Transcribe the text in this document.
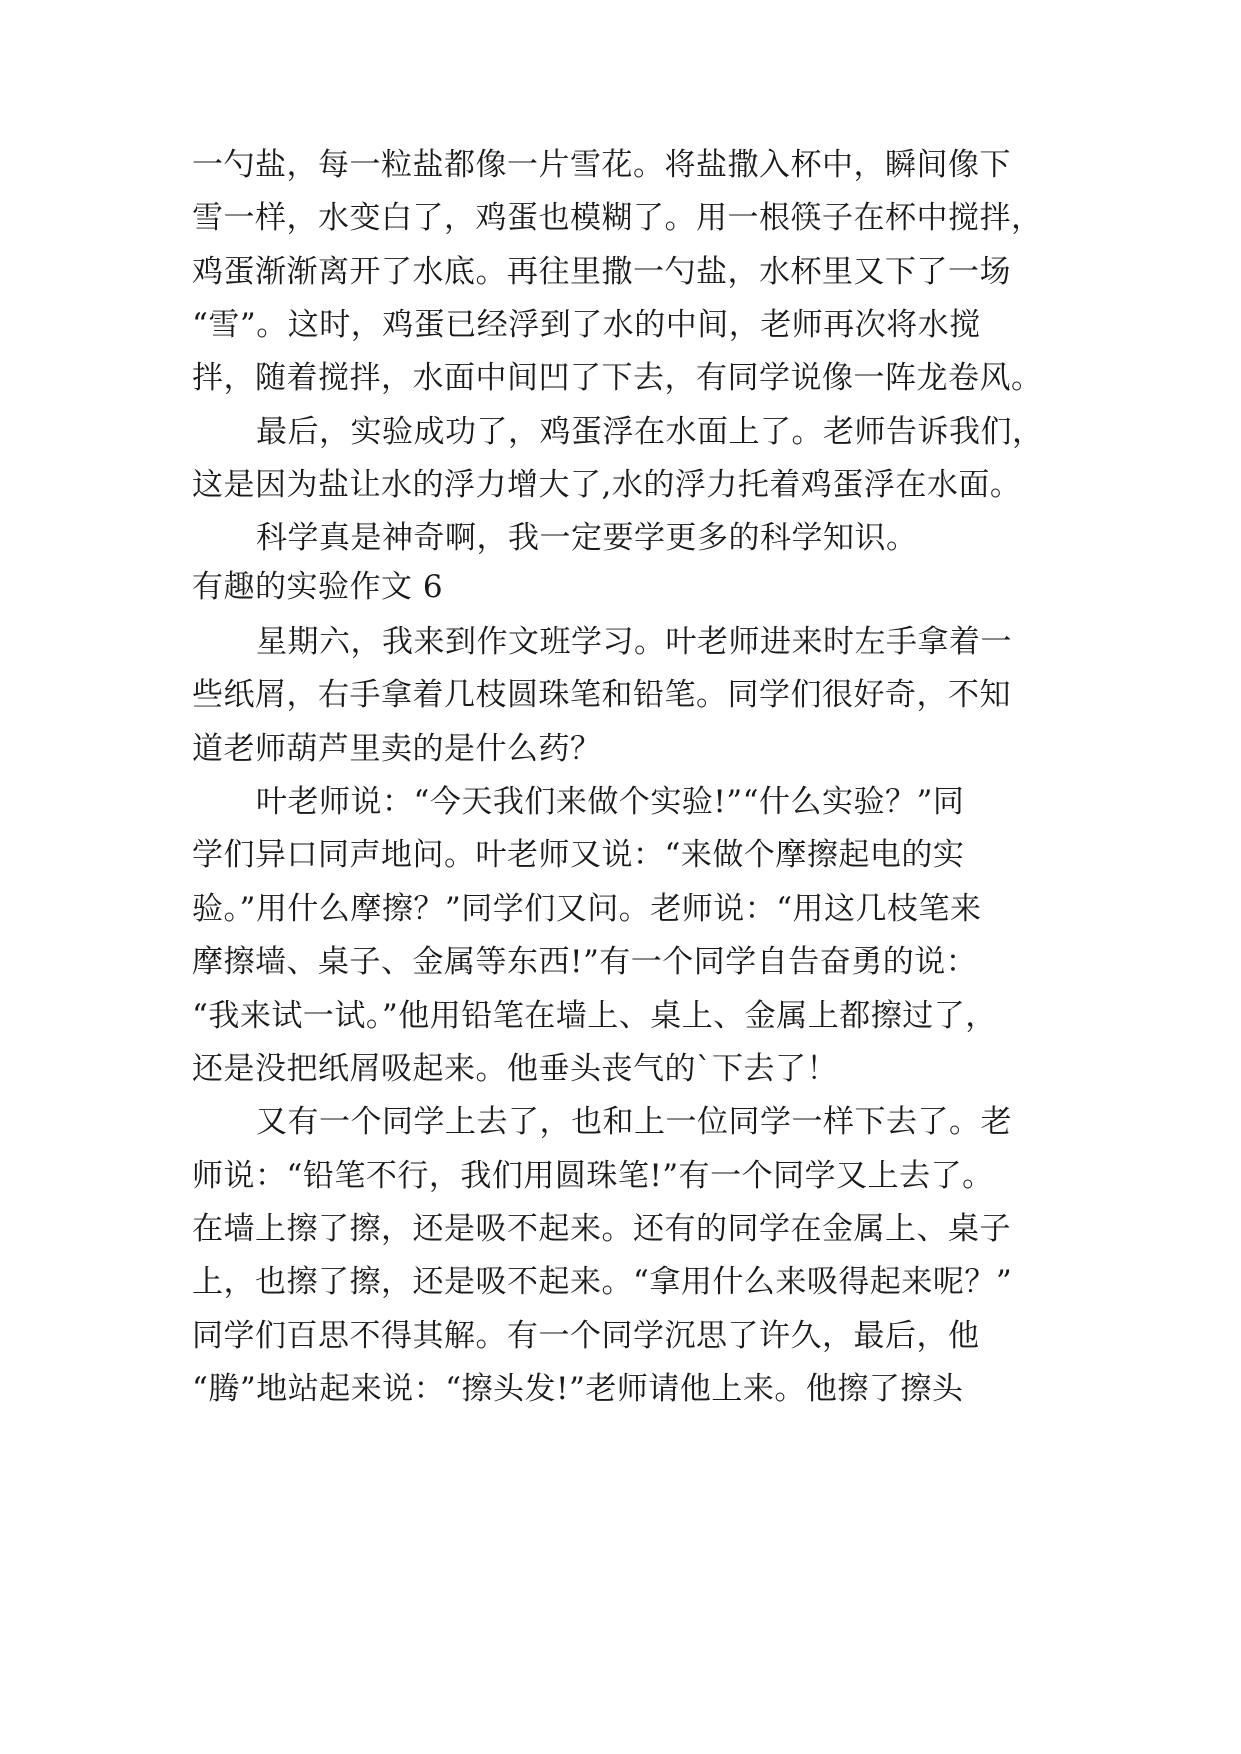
一勺盐，每一粒盐都像一片雪花。将盐撒入杯中，瞬间像下
雪一样，水变白了，鸡蛋也模糊了。用一根筷子在杯中搅拌，
鸡蛋渐渐离开了水底。再往里撒一勺盐，水杯里又下了一场
“雪”。这时，鸡蛋已经浮到了水的中间，老师再次将水搅
拌，随着搅拌，水面中间凹了下去，有同学说像一阵龙卷风。
最后，实验成功了，鸡蛋浮在水面上了。老师告诉我们，
这是因为盐让水的浮力增大了,水的浮力托着鸡蛋浮在水面。
科学真是神奇啊，我一定要学更多的科学知识。
有趣的实验作文 6
星期六，我来到作文班学习。叶老师进来时左手拿着一
些纸屑，右手拿着几枝圆珠笔和铅笔。同学们很好奇，不知
道老师葫芦里卖的是什么药？
叶老师说：“今天我们来做个实验!”“什么实验？”同
学们异口同声地问。叶老师又说：“来做个摩擦起电的实
验。”用什么摩擦？”同学们又问。老师说：“用这几枝笔来
摩擦墙、桌子、金属等东西!”有一个同学自告奋勇的说：
“我来试一试。”他用铅笔在墙上、桌上、金属上都擦过了，
还是没把纸屑吸起来。他垂头丧气的`下去了！
又有一个同学上去了，也和上一位同学一样下去了。老
师说：“铅笔不行，我们用圆珠笔!”有一个同学又上去了。
在墙上擦了擦，还是吸不起来。还有的同学在金属上、桌子
上，也擦了擦，还是吸不起来。“拿用什么来吸得起来呢？”
同学们百思不得其解。有一个同学沉思了许久，最后，他
“腾”地站起来说：“擦头发!”老师请他上来。他擦了擦头
